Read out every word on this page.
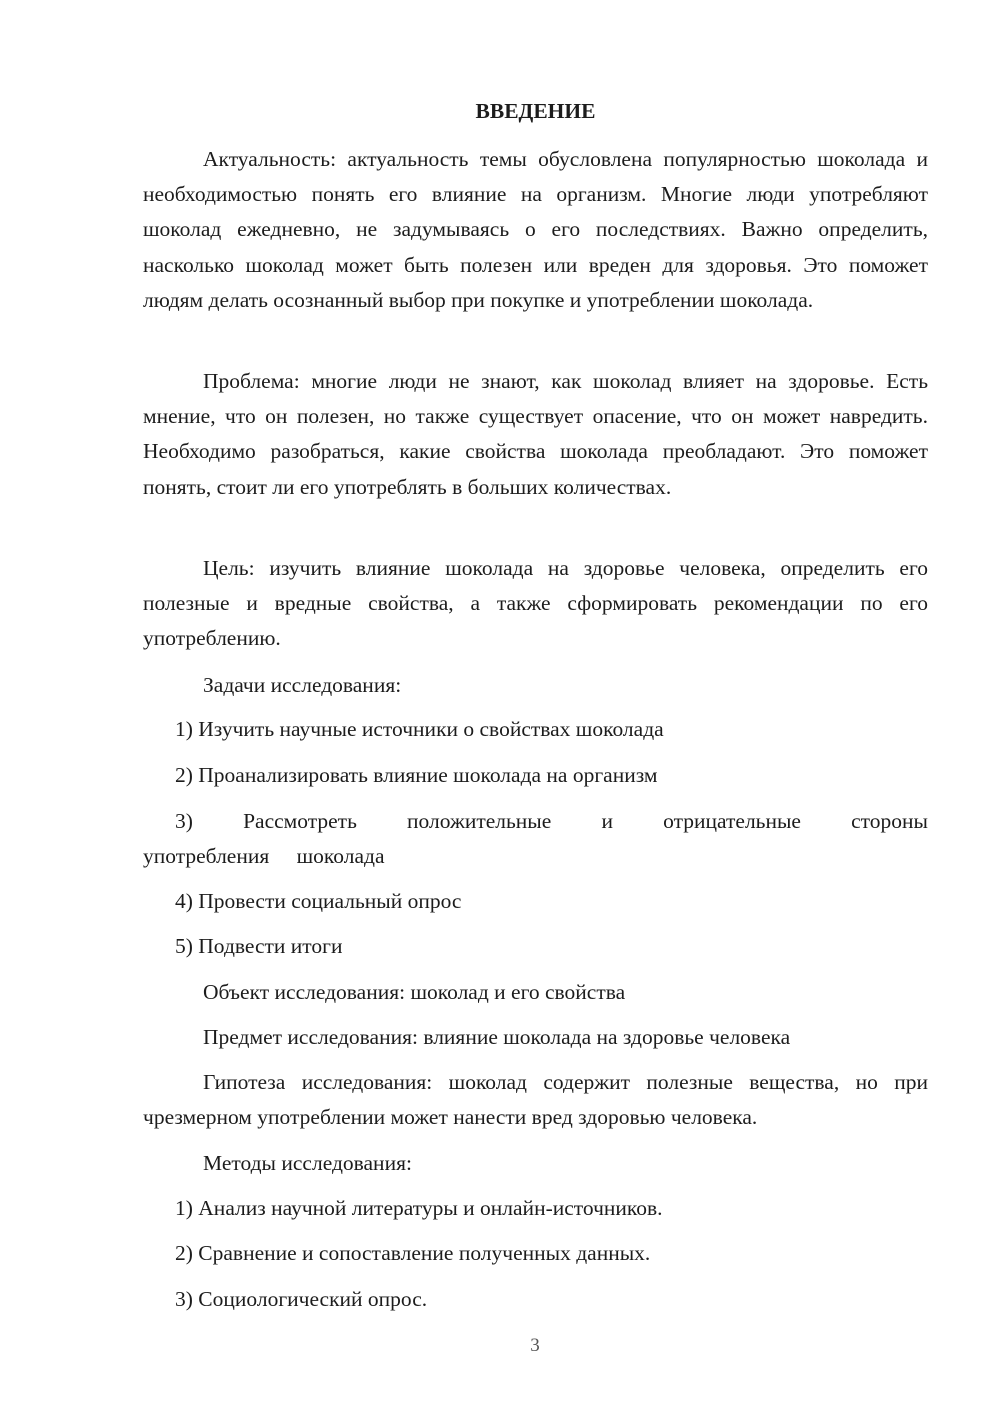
ВВЕДЕНИЕ

Актуальность: актуальность темы обусловлена популярностью шоколада и необходимостью понять его влияние на организм. Многие люди употребляют шоколад ежедневно, не задумываясь о его последствиях. Важно определить, насколько шоколад может быть полезен или вреден для здоровья. Это поможет людям делать осознанный выбор при покупке и употреблении шоколада.

Проблема: многие люди не знают, как шоколад влияет на здоровье. Есть мнение, что он полезен, но также существует опасение, что он может навредить. Необходимо разобраться, какие свойства шоколада преобладают. Это поможет понять, стоит ли его употреблять в больших количествах.

Цель: изучить влияние шоколада на здоровье человека, определить его полезные и вредные свойства, а также сформировать рекомендации по его употреблению.

Задачи исследования:

1) Изучить научные источники о свойствах шоколада

2) Проанализировать влияние шоколада на организм

3) Рассмотреть положительные и отрицательные стороны употребления шоколада

4) Провести социальный опрос

5) Подвести итоги

Объект исследования: шоколад и его свойства

Предмет исследования: влияние шоколада на здоровье человека

Гипотеза исследования: шоколад содержит полезные вещества, но при чрезмерном употреблении может нанести вред здоровью человека.

Методы исследования:

1) Анализ научной литературы и онлайн-источников.

2) Сравнение и сопоставление полученных данных.

3) Социологический опрос.

3
